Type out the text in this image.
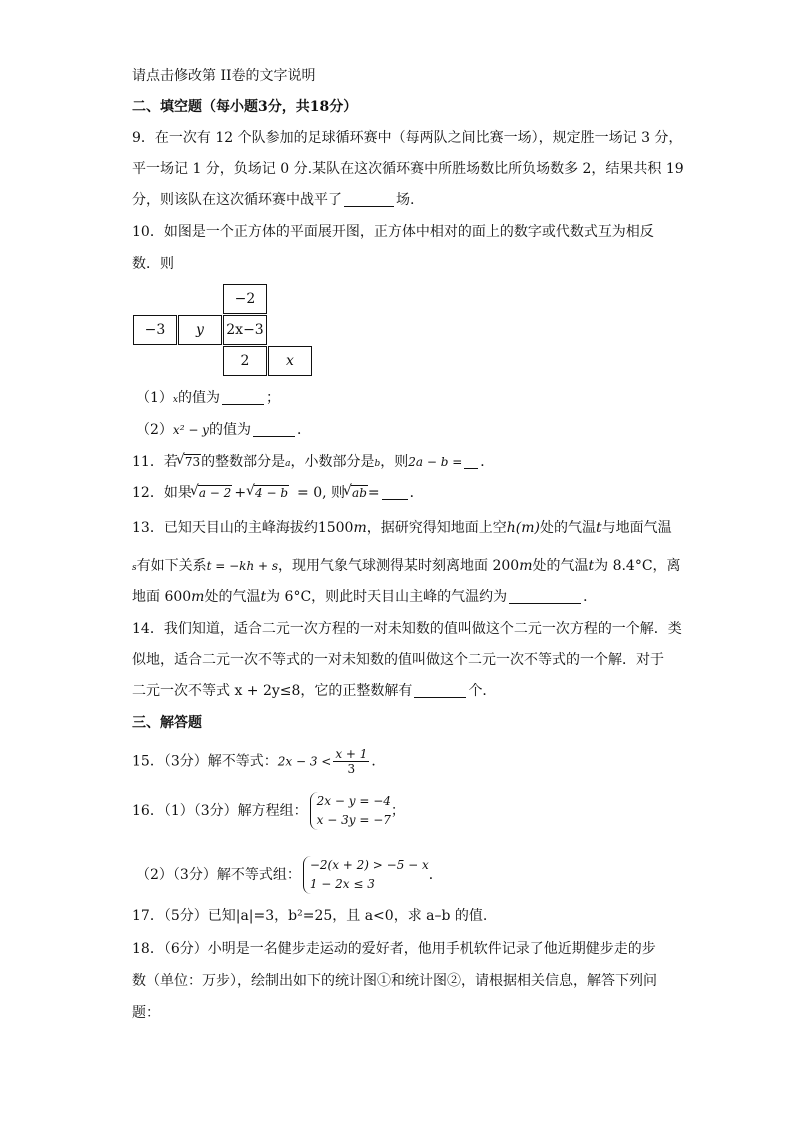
请点击修改第 II卷的文字说明
二、填空题（每小题3分，共18分）
9．在一次有 12 个队参加的足球循环赛中（每两队之间比赛一场），规定胜一场记 3 分，
平一场记 1 分，负场记 0 分.某队在这次循环赛中所胜场数比所负场数多 2，结果共积 19
分，则该队在这次循环赛中战平了	场.
10．如图是一个正方体的平面展开图，正方体中相对的面上的数字或代数式互为相反
数．则
−2
−3	y	2x−3
2	x
（1）x的值为	；
（2）x² − y的值为	．
11．若 √ 73的整数部分是a，小数部分是b，则2a − b = ．
12．如果 √ a − 2 + √ 4 − b = 0, 则 √ ab= ．
13．已知天目山的主峰海拔约1500m，据研究得知地面上空h(m)处的气温t与地面气温
s有如下关系t = −kh + s，现用气象气球测得某时刻离地面 200m处的气温t为 8.4°C，离
地面 600m处的气温t为 6°C，则此时天目山主峰的气温约为	．
14．我们知道，适合二元一次方程的一对未知数的值叫做这个二元一次方程的一个解．类
似地，适合二元一次不等式的一对未知数的值叫做这个二元一次不等式的一个解．对于
二元一次不等式 x + 2y≤8，它的正整数解有	个．
三、解答题
15．（3分）解不等式：$2x - 3 < \frac{x + 1}{3}$ ．
16．（1）（3分）解方程组：
2x − y = −4
x − 3y = −7
；
（2）（3分）解不等式组：
−2(x + 2) > −5 − x
1 − 2x ≤ 3
．
17．（5分）已知|a|=3，b²=25，且 a<0，求 a–b 的值.
18．（6分）小明是一名健步走运动的爱好者，他用手机软件记录了他近期健步走的步
数（单位：万步），绘制出如下的统计图①和统计图②，请根据相关信息，解答下列问
题：
